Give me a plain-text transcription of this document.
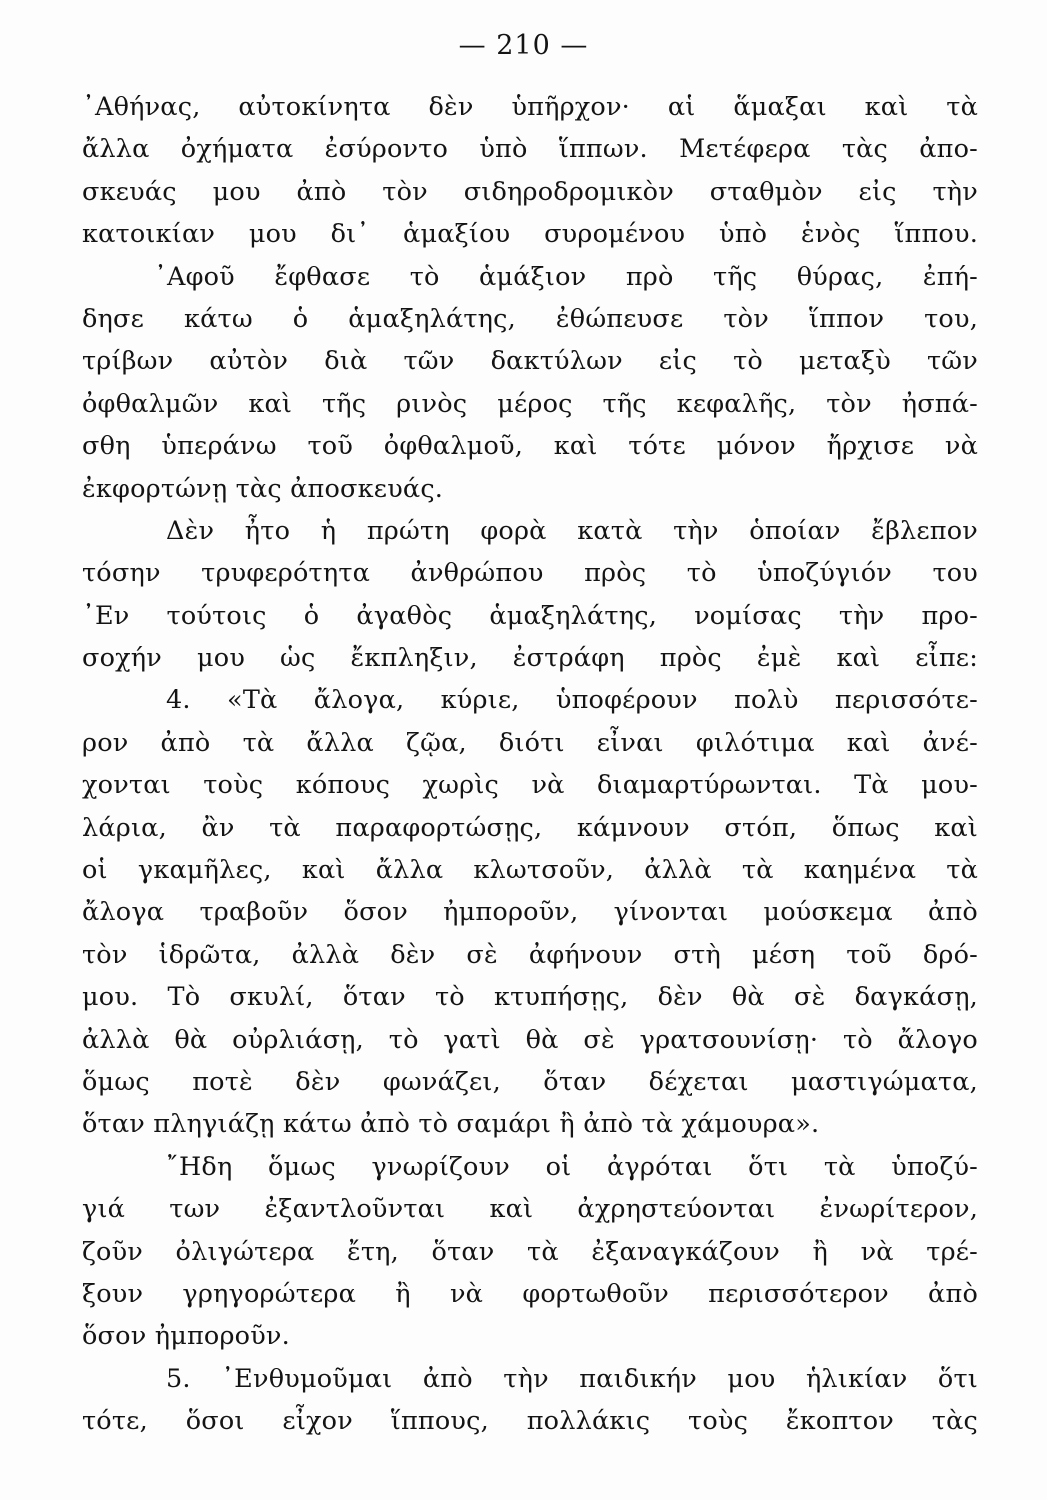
— 210 —
᾿Αθήνας, αὐτοκίνητα δὲν ὑπῆρχον· αἱ ἅμαξαι καὶ τὰ
ἄλλα ὀχήματα ἐσύροντο ὑπὸ ἵππων. Μετέφερα τὰς ἀπο-
σκευάς μου ἀπὸ τὸν σιδηροδρομικὸν σταθμὸν εἰς τὴν
κατοικίαν μου δι᾿ ἁμαξίου συρομένου ὑπὸ ἑνὸς ἵππου.
᾿Αφοῦ ἔφθασε τὸ ἁμάξιον πρὸ τῆς θύρας, ἐπή-
δησε κάτω ὁ ἁμαξηλάτης, ἐθώπευσε τὸν ἵππον του,
τρίβων αὐτὸν διὰ τῶν δακτύλων εἰς τὸ μεταξὺ τῶν
ὀφθαλμῶν καὶ τῆς ρινὸς μέρος τῆς κεφαλῆς, τὸν ἠσπά-
σθη ὑπεράνω τοῦ ὀφθαλμοῦ, καὶ τότε μόνον ἤρχισε νὰ
ἐκφορτώνῃ τὰς ἀποσκευάς.
Δὲν ἦτο ἡ πρώτη φορὰ κατὰ τὴν ὁποίαν ἔβλεπον
τόσην τρυφερότητα ἀνθρώπου πρὸς τὸ ὑποζύγιόν του
᾿Εν τούτοις ὁ ἀγαθὸς ἁμαξηλάτης, νομίσας τὴν προ-
σοχήν μου ὡς ἔκπληξιν, ἐστράφη πρὸς ἐμὲ καὶ εἶπε:
4. «Τὰ ἄλογα, κύριε, ὑποφέρουν πολὺ περισσότε-
ρον ἀπὸ τὰ ἄλλα ζῷα, διότι εἶναι φιλότιμα καὶ ἀνέ-
χονται τοὺς κόπους χωρὶς νὰ διαμαρτύρωνται. Τὰ μου-
λάρια, ἂν τὰ παραφορτώσῃς, κάμνουν στόπ, ὅπως καὶ
οἱ γκαμῆλες, καὶ ἄλλα κλωτσοῦν, ἀλλὰ τὰ καημένα τὰ
ἄλογα τραβοῦν ὅσον ἠμποροῦν, γίνονται μούσκεμα ἀπὸ
τὸν ἱδρῶτα, ἀλλὰ δὲν σὲ ἀφήνουν στὴ μέση τοῦ δρό-
μου. Τὸ σκυλί, ὅταν τὸ κτυπήσῃς, δὲν θὰ σὲ δαγκάσῃ,
ἀλλὰ θὰ οὐρλιάσῃ, τὸ γατὶ θὰ σὲ γρατσουνίσῃ· τὸ ἄλογο
ὅμως ποτὲ δὲν φωνάζει, ὅταν δέχεται μαστιγώματα,
ὅταν πληγιάζῃ κάτω ἀπὸ τὸ σαμάρι ἢ ἀπὸ τὰ χάμουρα».
῎Ηδη ὅμως γνωρίζουν οἱ ἀγρόται ὅτι τὰ ὑποζύ-
γιά των ἐξαντλοῦνται καὶ ἀχρηστεύονται ἐνωρίτερον,
ζοῦν ὀλιγώτερα ἔτη, ὅταν τὰ ἐξαναγκάζουν ἢ νὰ τρέ-
ξουν γρηγορώτερα ἢ νὰ φορτωθοῦν περισσότερον ἀπὸ
ὅσον ἠμποροῦν.
5. ᾿Ενθυμοῦμαι ἀπὸ τὴν παιδικήν μου ἡλικίαν ὅτι
τότε, ὅσοι εἶχον ἵππους, πολλάκις τοὺς ἔκοπτον τὰς
